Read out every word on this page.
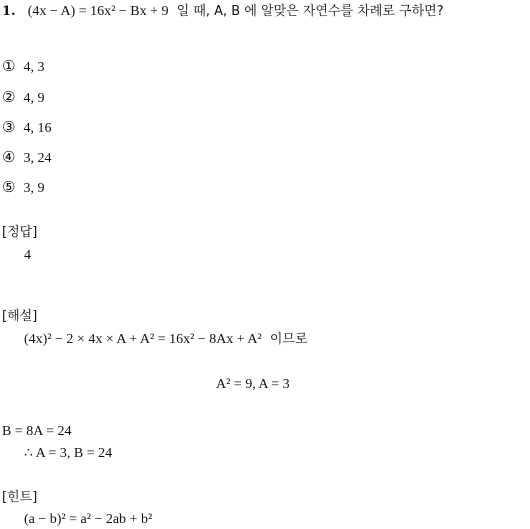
1. (4x − A) = 16x² − Bx + 9 일 때, A, B 에 알맞은 자연수를 차례로 구하면?
① 4, 3
② 4, 9
③ 4, 16
④ 3, 24
⑤ 3, 9
[정답]
4
[해설]
(4x)² − 2 × 4x × A + A² = 16x² − 8Ax + A² 이므로
A² = 9, A = 3
B = 8A = 24
∴ A = 3, B = 24
[힌트]
(a − b)² = a² − 2ab + b²
